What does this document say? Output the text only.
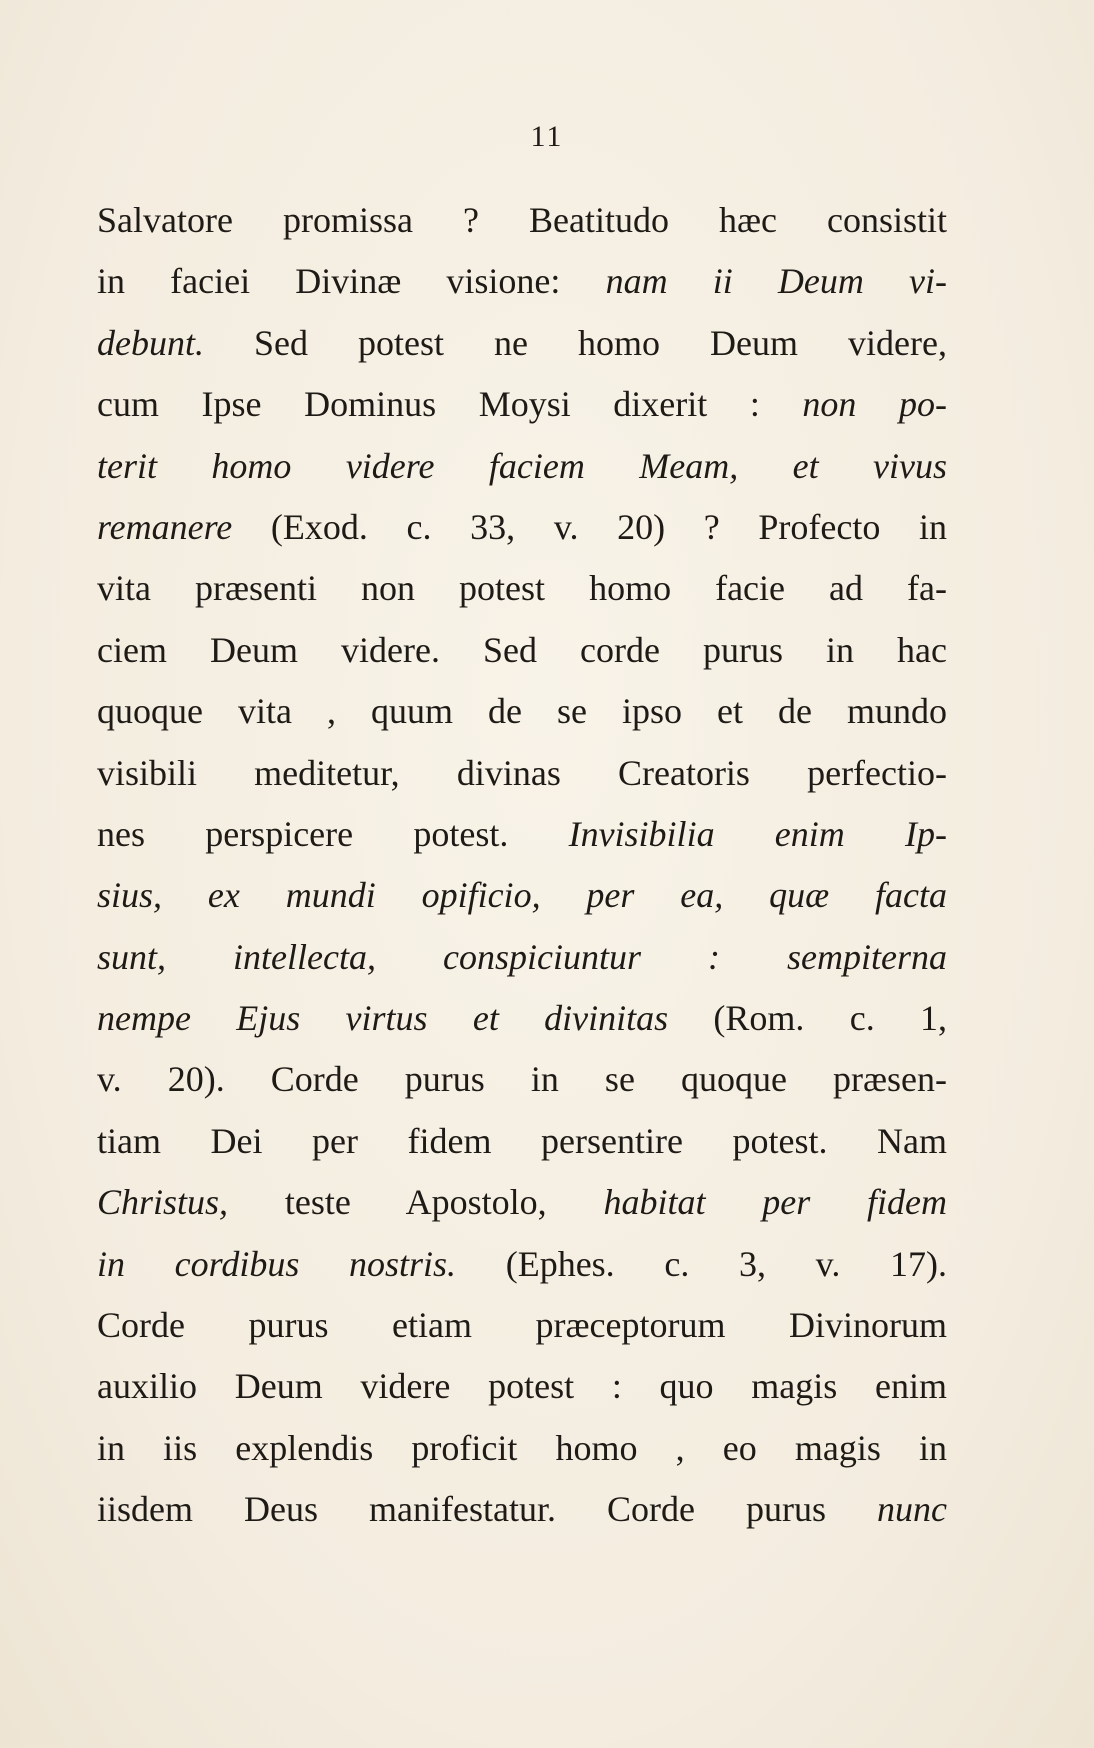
11
Salvatore promissa ? Beatitudo hæc consistit
in faciei Divinæ visione: nam ii Deum vi-
debunt. Sed potest ne homo Deum videre,
cum Ipse Dominus Moysi dixerit : non po-
terit homo videre faciem Meam, et vivus
remanere (Exod. c. 33, v. 20) ? Profecto in
vita præsenti non potest homo facie ad fa-
ciem Deum videre. Sed corde purus in hac
quoque vita , quum de se ipso et de mundo
visibili meditetur, divinas Creatoris perfectio-
nes perspicere potest. Invisibilia enim Ip-
sius, ex mundi opificio, per ea, quæ facta
sunt, intellecta, conspiciuntur : sempiterna
nempe Ejus virtus et divinitas (Rom. c. 1,
v. 20). Corde purus in se quoque præsen-
tiam Dei per fidem persentire potest. Nam
Christus, teste Apostolo, habitat per fidem
in cordibus nostris. (Ephes. c. 3, v. 17).
Corde purus etiam præceptorum Divinorum
auxilio Deum videre potest : quo magis enim
in iis explendis proficit homo , eo magis in
iisdem Deus manifestatur. Corde purus nunc
